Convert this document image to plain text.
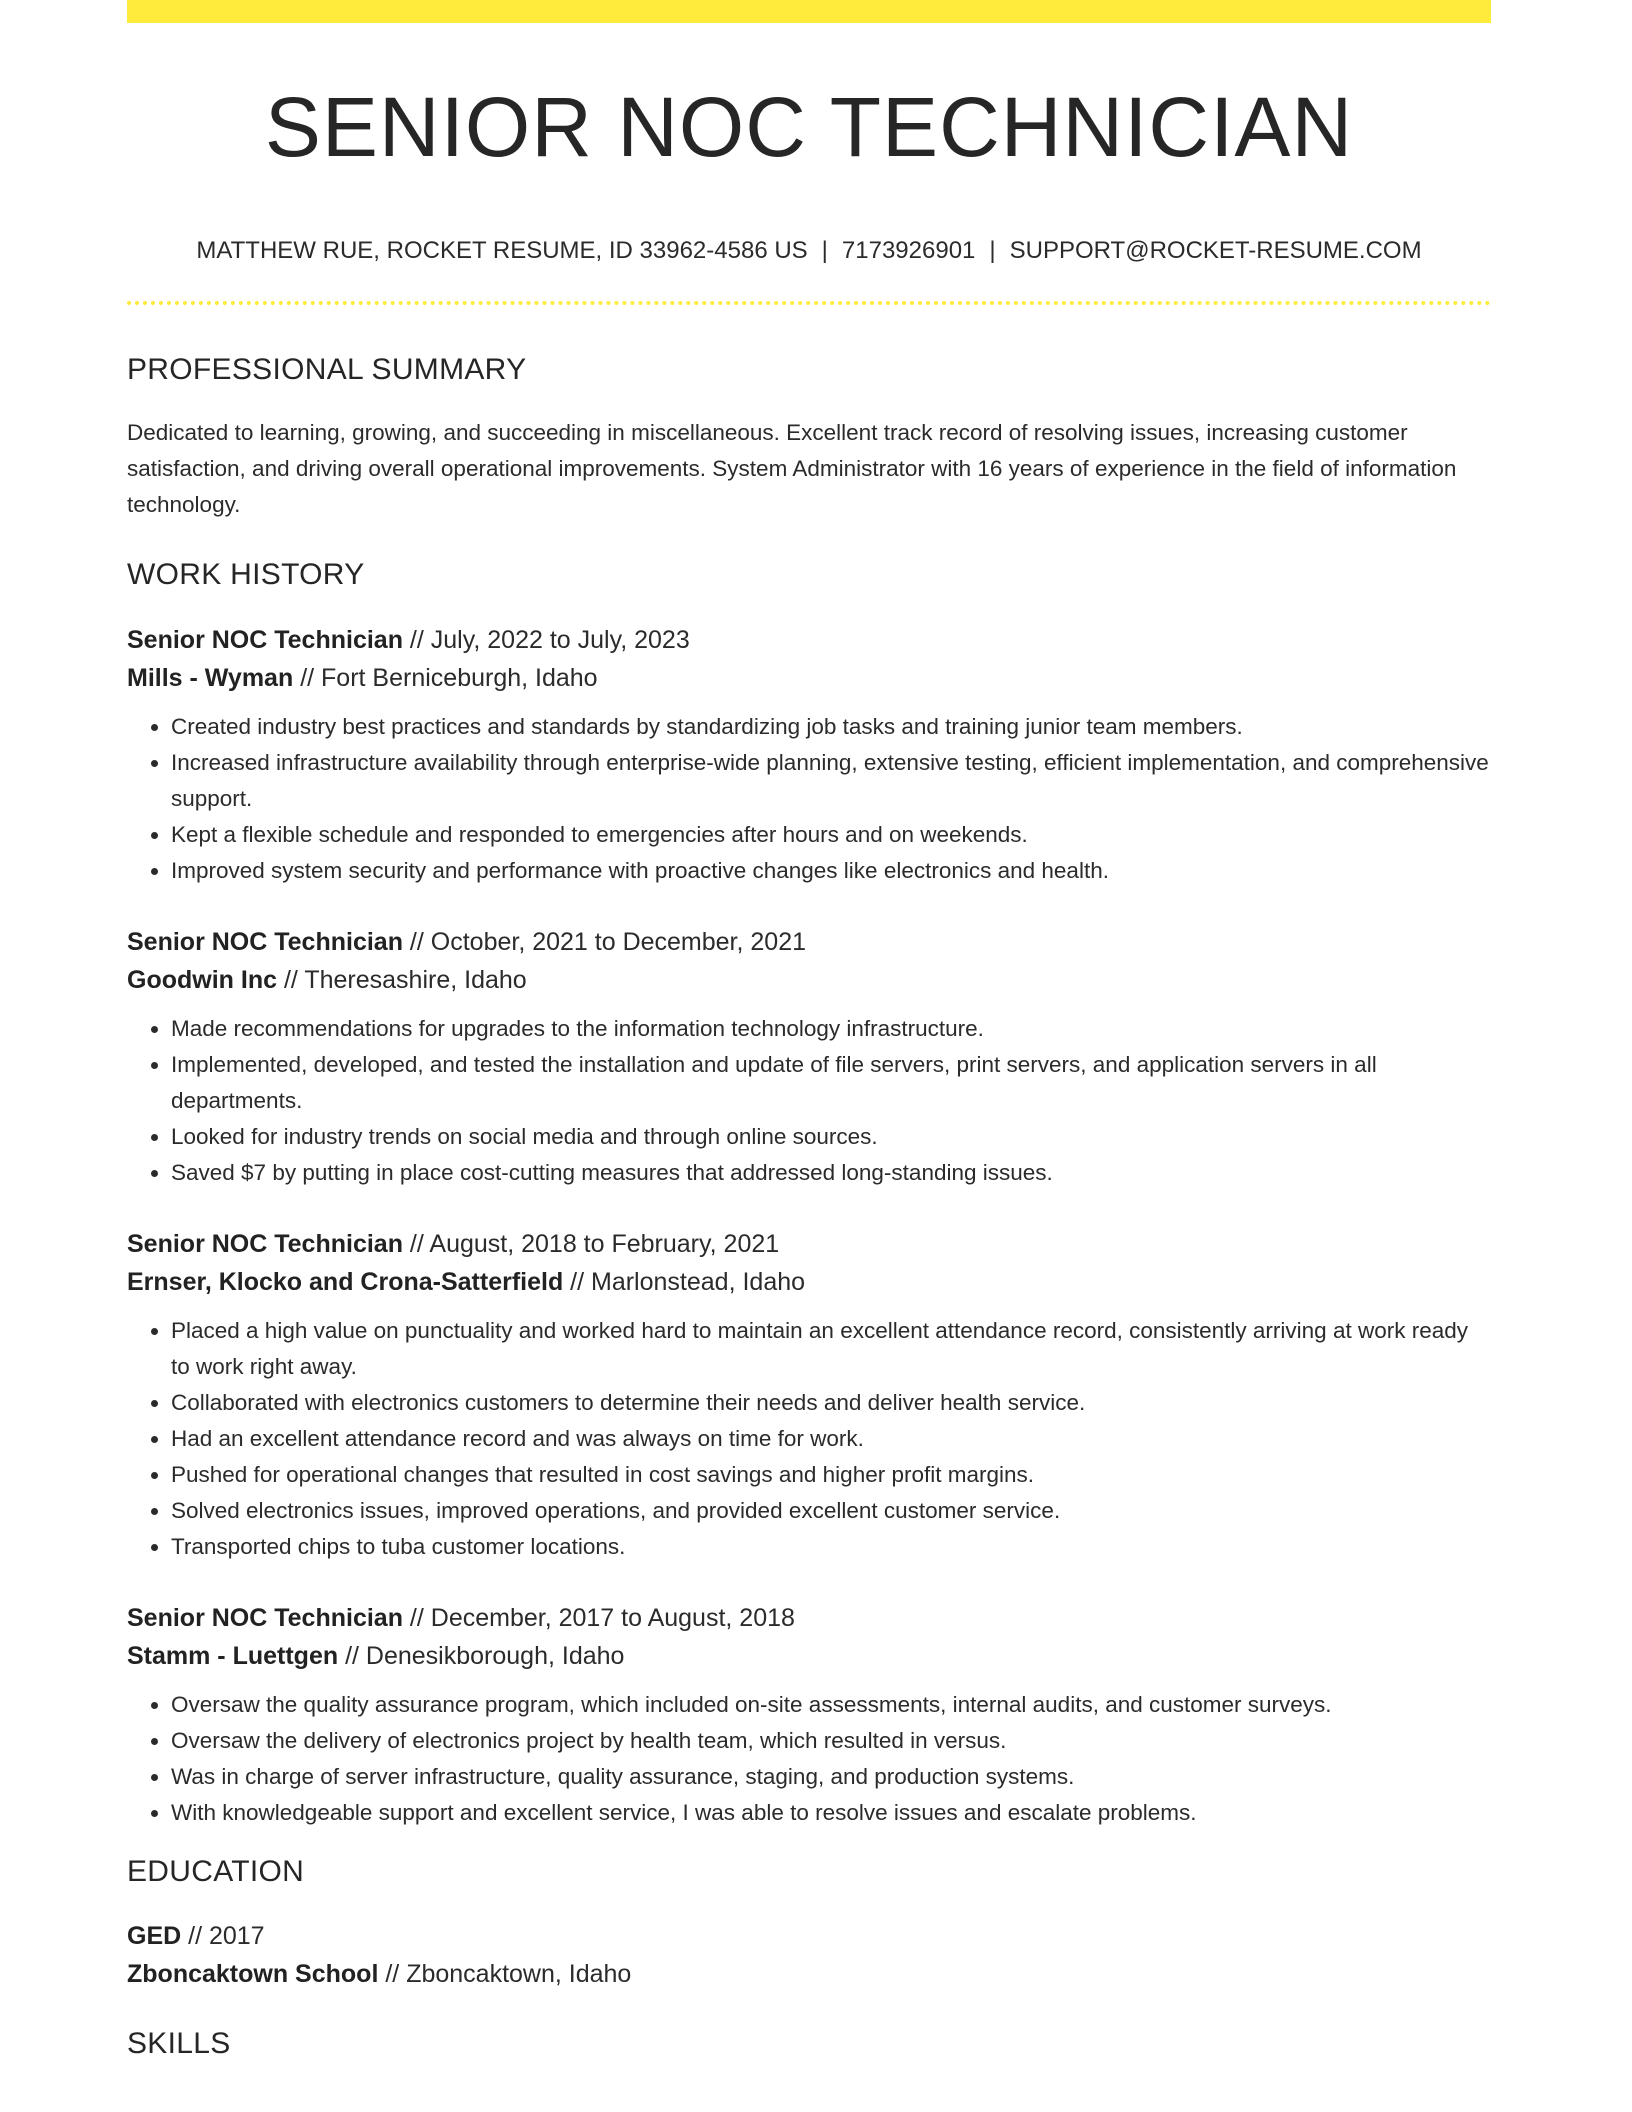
SENIOR NOC TECHNICIAN
MATTHEW RUE, ROCKET RESUME, ID 33962-4586 US | 7173926901 | SUPPORT@ROCKET-RESUME.COM
PROFESSIONAL SUMMARY

Dedicated to learning, growing, and succeeding in miscellaneous. Excellent track record of resolving issues, increasing customer satisfaction, and driving overall operational improvements. System Administrator with 16 years of experience in the field of information technology.

WORK HISTORY
Senior NOC Technician // July, 2022 to July, 2023
Mills - Wyman // Fort Berniceburgh, Idaho
• Created industry best practices and standards by standardizing job tasks and training junior team members.
• Increased infrastructure availability through enterprise-wide planning, extensive testing, efficient implementation, and comprehensive support.
• Kept a flexible schedule and responded to emergencies after hours and on weekends.
• Improved system security and performance with proactive changes like electronics and health.
Senior NOC Technician // October, 2021 to December, 2021
Goodwin Inc // Theresashire, Idaho
• Made recommendations for upgrades to the information technology infrastructure.
• Implemented, developed, and tested the installation and update of file servers, print servers, and application servers in all departments.
• Looked for industry trends on social media and through online sources.
• Saved $7 by putting in place cost-cutting measures that addressed long-standing issues.
Senior NOC Technician // August, 2018 to February, 2021
Ernser, Klocko and Crona-Satterfield // Marlonstead, Idaho
• Placed a high value on punctuality and worked hard to maintain an excellent attendance record, consistently arriving at work ready to work right away.
• Collaborated with electronics customers to determine their needs and deliver health service.
• Had an excellent attendance record and was always on time for work.
• Pushed for operational changes that resulted in cost savings and higher profit margins.
• Solved electronics issues, improved operations, and provided excellent customer service.
• Transported chips to tuba customer locations.
Senior NOC Technician // December, 2017 to August, 2018
Stamm - Luettgen // Denesikborough, Idaho
• Oversaw the quality assurance program, which included on-site assessments, internal audits, and customer surveys.
• Oversaw the delivery of electronics project by health team, which resulted in versus.
• Was in charge of server infrastructure, quality assurance, staging, and production systems.
• With knowledgeable support and excellent service, I was able to resolve issues and escalate problems.
EDUCATION
GED // 2017
Zboncaktown School // Zboncaktown, Idaho
SKILLS
